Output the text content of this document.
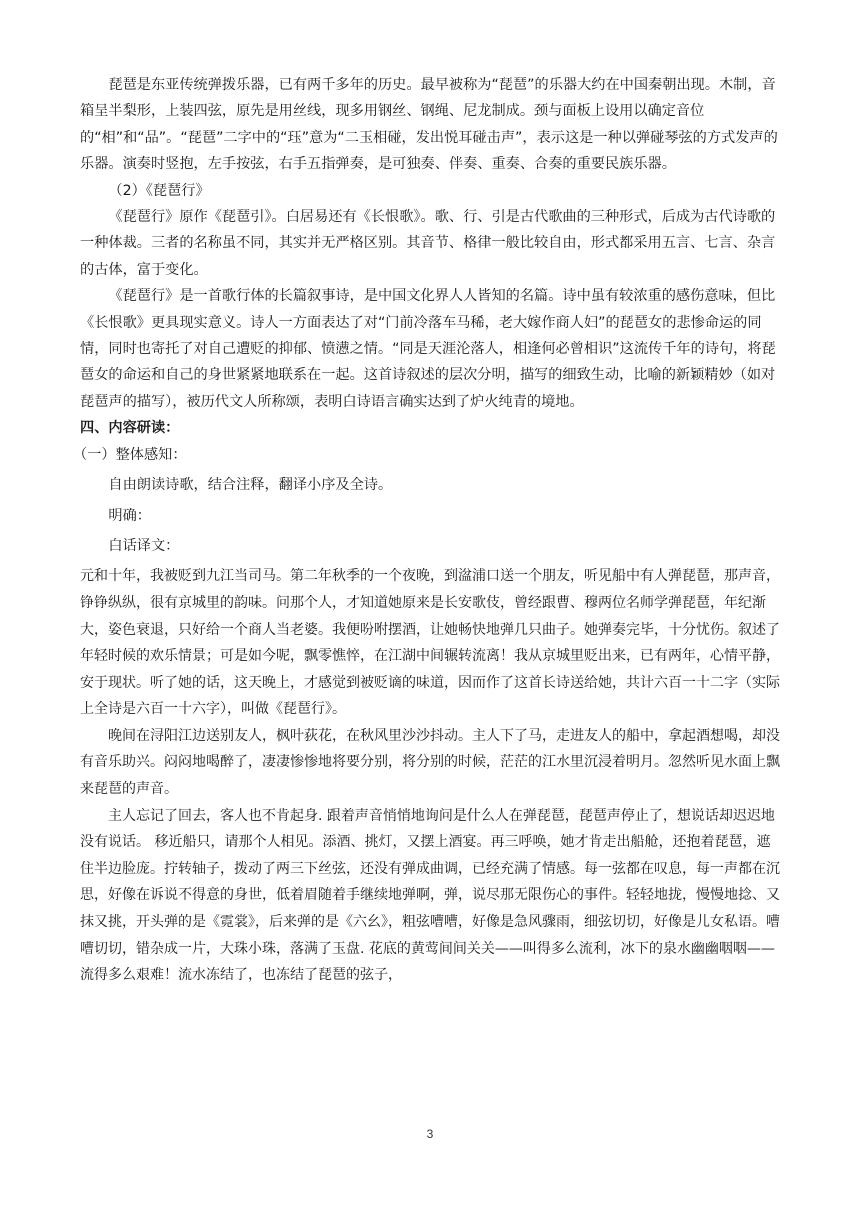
琵琶是东亚传统弹拨乐器，已有两千多年的历史。最早被称为“琵琶”的乐器大约在中国秦朝出现。木制，音箱呈半梨形，上装四弦，原先是用丝线，现多用钢丝、钢绳、尼龙制成。颈与面板上设用以确定音位的“相”和“品”。“琵琶”二字中的“珏”意为“二玉相碰，发出悦耳碰击声”，表示这是一种以弹碰琴弦的方式发声的乐器。演奏时竖抱，左手按弦，右手五指弹奏，是可独奏、伴奏、重奏、合奏的重要民族乐器。

（2）《琵琶行》

《琵琶行》原作《琵琶引》。白居易还有《长恨歌》。歌、行、引是古代歌曲的三种形式，后成为古代诗歌的一种体裁。三者的名称虽不同，其实并无严格区别。其音节、格律一般比较自由，形式都采用五言、七言、杂言的古体，富于变化。

《琵琶行》是一首歌行体的长篇叙事诗，是中国文化界人人皆知的名篇。诗中虽有较浓重的感伤意味，但比《长恨歌》更具现实意义。诗人一方面表达了对“门前冷落车马稀，老大嫁作商人妇”的琵琶女的悲惨命运的同情，同时也寄托了对自己遭贬的抑郁、愤懑之情。“同是天涯沦落人，相逢何必曾相识”这流传千年的诗句，将琵琶女的命运和自己的身世紧紧地联系在一起。这首诗叙述的层次分明，描写的细致生动，比喻的新颖精妙（如对琵琶声的描写），被历代文人所称颂，表明白诗语言确实达到了炉火纯青的境地。

四、内容研读：

（一）整体感知：

自由朗读诗歌，结合注释，翻译小序及全诗。

明确：

白话译文：

元和十年，我被贬到九江当司马。第二年秋季的一个夜晚，到湓浦口送一个朋友，听见船中有人弹琵琶，那声音，铮铮纵纵，很有京城里的韵味。问那个人，才知道她原来是长安歌伎，曾经跟曹、穆两位名师学弹琵琶，年纪渐大，姿色衰退，只好给一个商人当老婆。我便吩咐摆酒，让她畅快地弹几只曲子。她弹奏完毕，十分忧伤。叙述了年轻时候的欢乐情景；可是如今呢，飘零憔悴，在江湖中间辗转流离！我从京城里贬出来，已有两年，心情平静，安于现状。听了她的话，这天晚上，才感觉到被贬谪的味道，因而作了这首长诗送给她，共计六百一十二字（实际上全诗是六百一十六字），叫做《琵琶行》。

晚间在浔阳江边送别友人，枫叶荻花，在秋风里沙沙抖动。主人下了马，走进友人的船中，拿起酒想喝，却没有音乐助兴。闷闷地喝醉了，凄凄惨惨地将要分别，将分别的时候，茫茫的江水里沉浸着明月。忽然听见水面上飘来琵琶的声音。

主人忘记了回去，客人也不肯起身. 跟着声音悄悄地询问是什么人在弹琵琶，琵琶声停止了，想说话却迟迟地没有说话。 移近船只，请那个人相见。添酒、挑灯，又摆上酒宴。再三呼唤，她才肯走出船舱，还抱着琵琶，遮住半边脸庞。拧转轴子，拨动了两三下丝弦，还没有弹成曲调，已经充满了情感。每一弦都在叹息，每一声都在沉思，好像在诉说不得意的身世，低着眉随着手继续地弹啊，弹，说尽那无限伤心的事件。轻轻地拢，慢慢地捻、又抹又挑，开头弹的是《霓裳》，后来弹的是《六幺》，粗弦嘈嘈，好像是急风骤雨，细弦切切，好像是儿女私语。嘈嘈切切，错杂成一片，大珠小珠，落满了玉盘. 花底的黄莺间间关关——叫得多么流利，冰下的泉水幽幽咽咽——流得多么艰难！流水冻结了，也冻结了琵琶的弦子，

3
